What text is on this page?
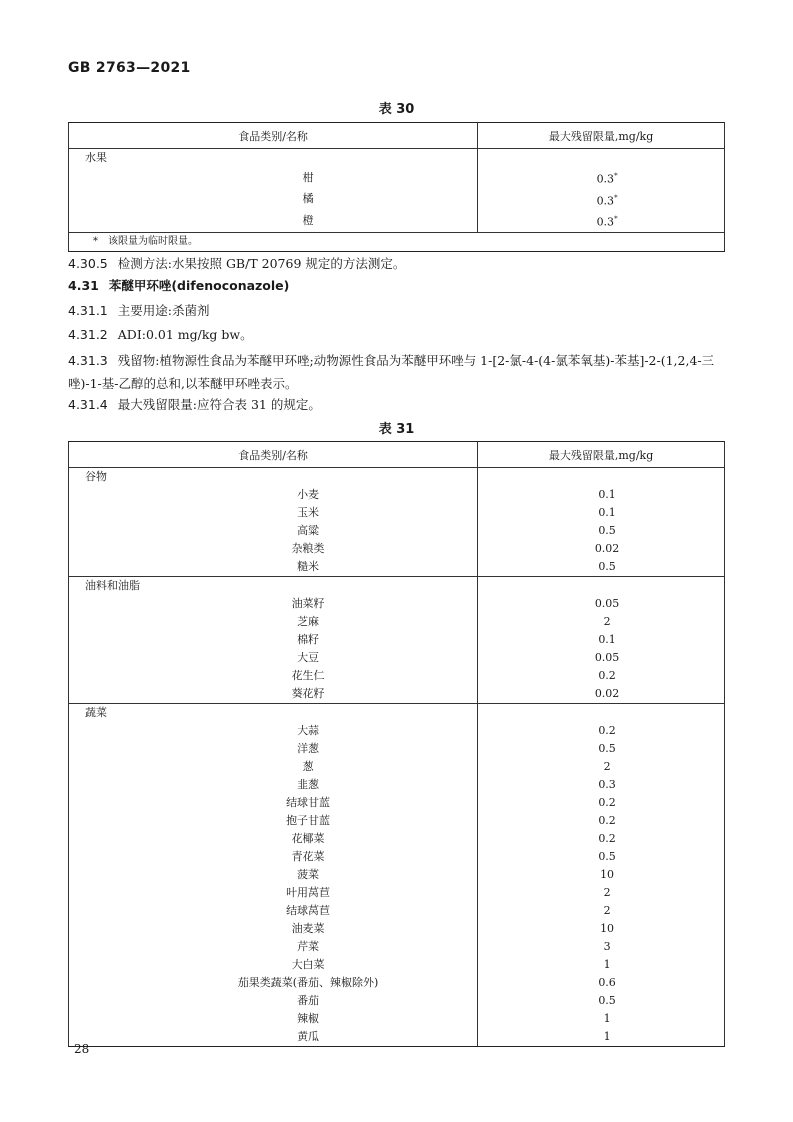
GB 2763—2021
表 30
食品类别/名称	最大残留限量,mg/kg
水果	
柑	0.3*
橘	0.3*
橙	0.3*
*　该限量为临时限量。	
4.30.5 检测方法:水果按照 GB/T 20769 规定的方法测定。
4.31 苯醚甲环唑(difenoconazole)
4.31.1 主要用途:杀菌剂
4.31.2 ADI:0.01 mg/kg bw。
4.31.3 残留物:植物源性食品为苯醚甲环唑;动物源性食品为苯醚甲环唑与 1-[2-氯-4-(4-氯苯氧基)-苯基]-2-(1,2,4-三唑)-1-基-乙醇的总和,以苯醚甲环唑表示。
4.31.4 最大残留限量:应符合表 31 的规定。
表 31
食品类别/名称	最大残留限量,mg/kg
谷物	
小麦	0.1
玉米	0.1
高粱	0.5
杂粮类	0.02
糙米	0.5
油料和油脂	
油菜籽	0.05
芝麻	2
棉籽	0.1
大豆	0.05
花生仁	0.2
葵花籽	0.02
蔬菜	
大蒜	0.2
洋葱	0.5
葱	2
韭葱	0.3
结球甘蓝	0.2
抱子甘蓝	0.2
花椰菜	0.2
青花菜	0.5
菠菜	10
叶用莴苣	2
结球莴苣	2
油麦菜	10
芹菜	3
大白菜	1
茄果类蔬菜(番茄、辣椒除外)	0.6
番茄	0.5
辣椒	1
黄瓜	1
28
